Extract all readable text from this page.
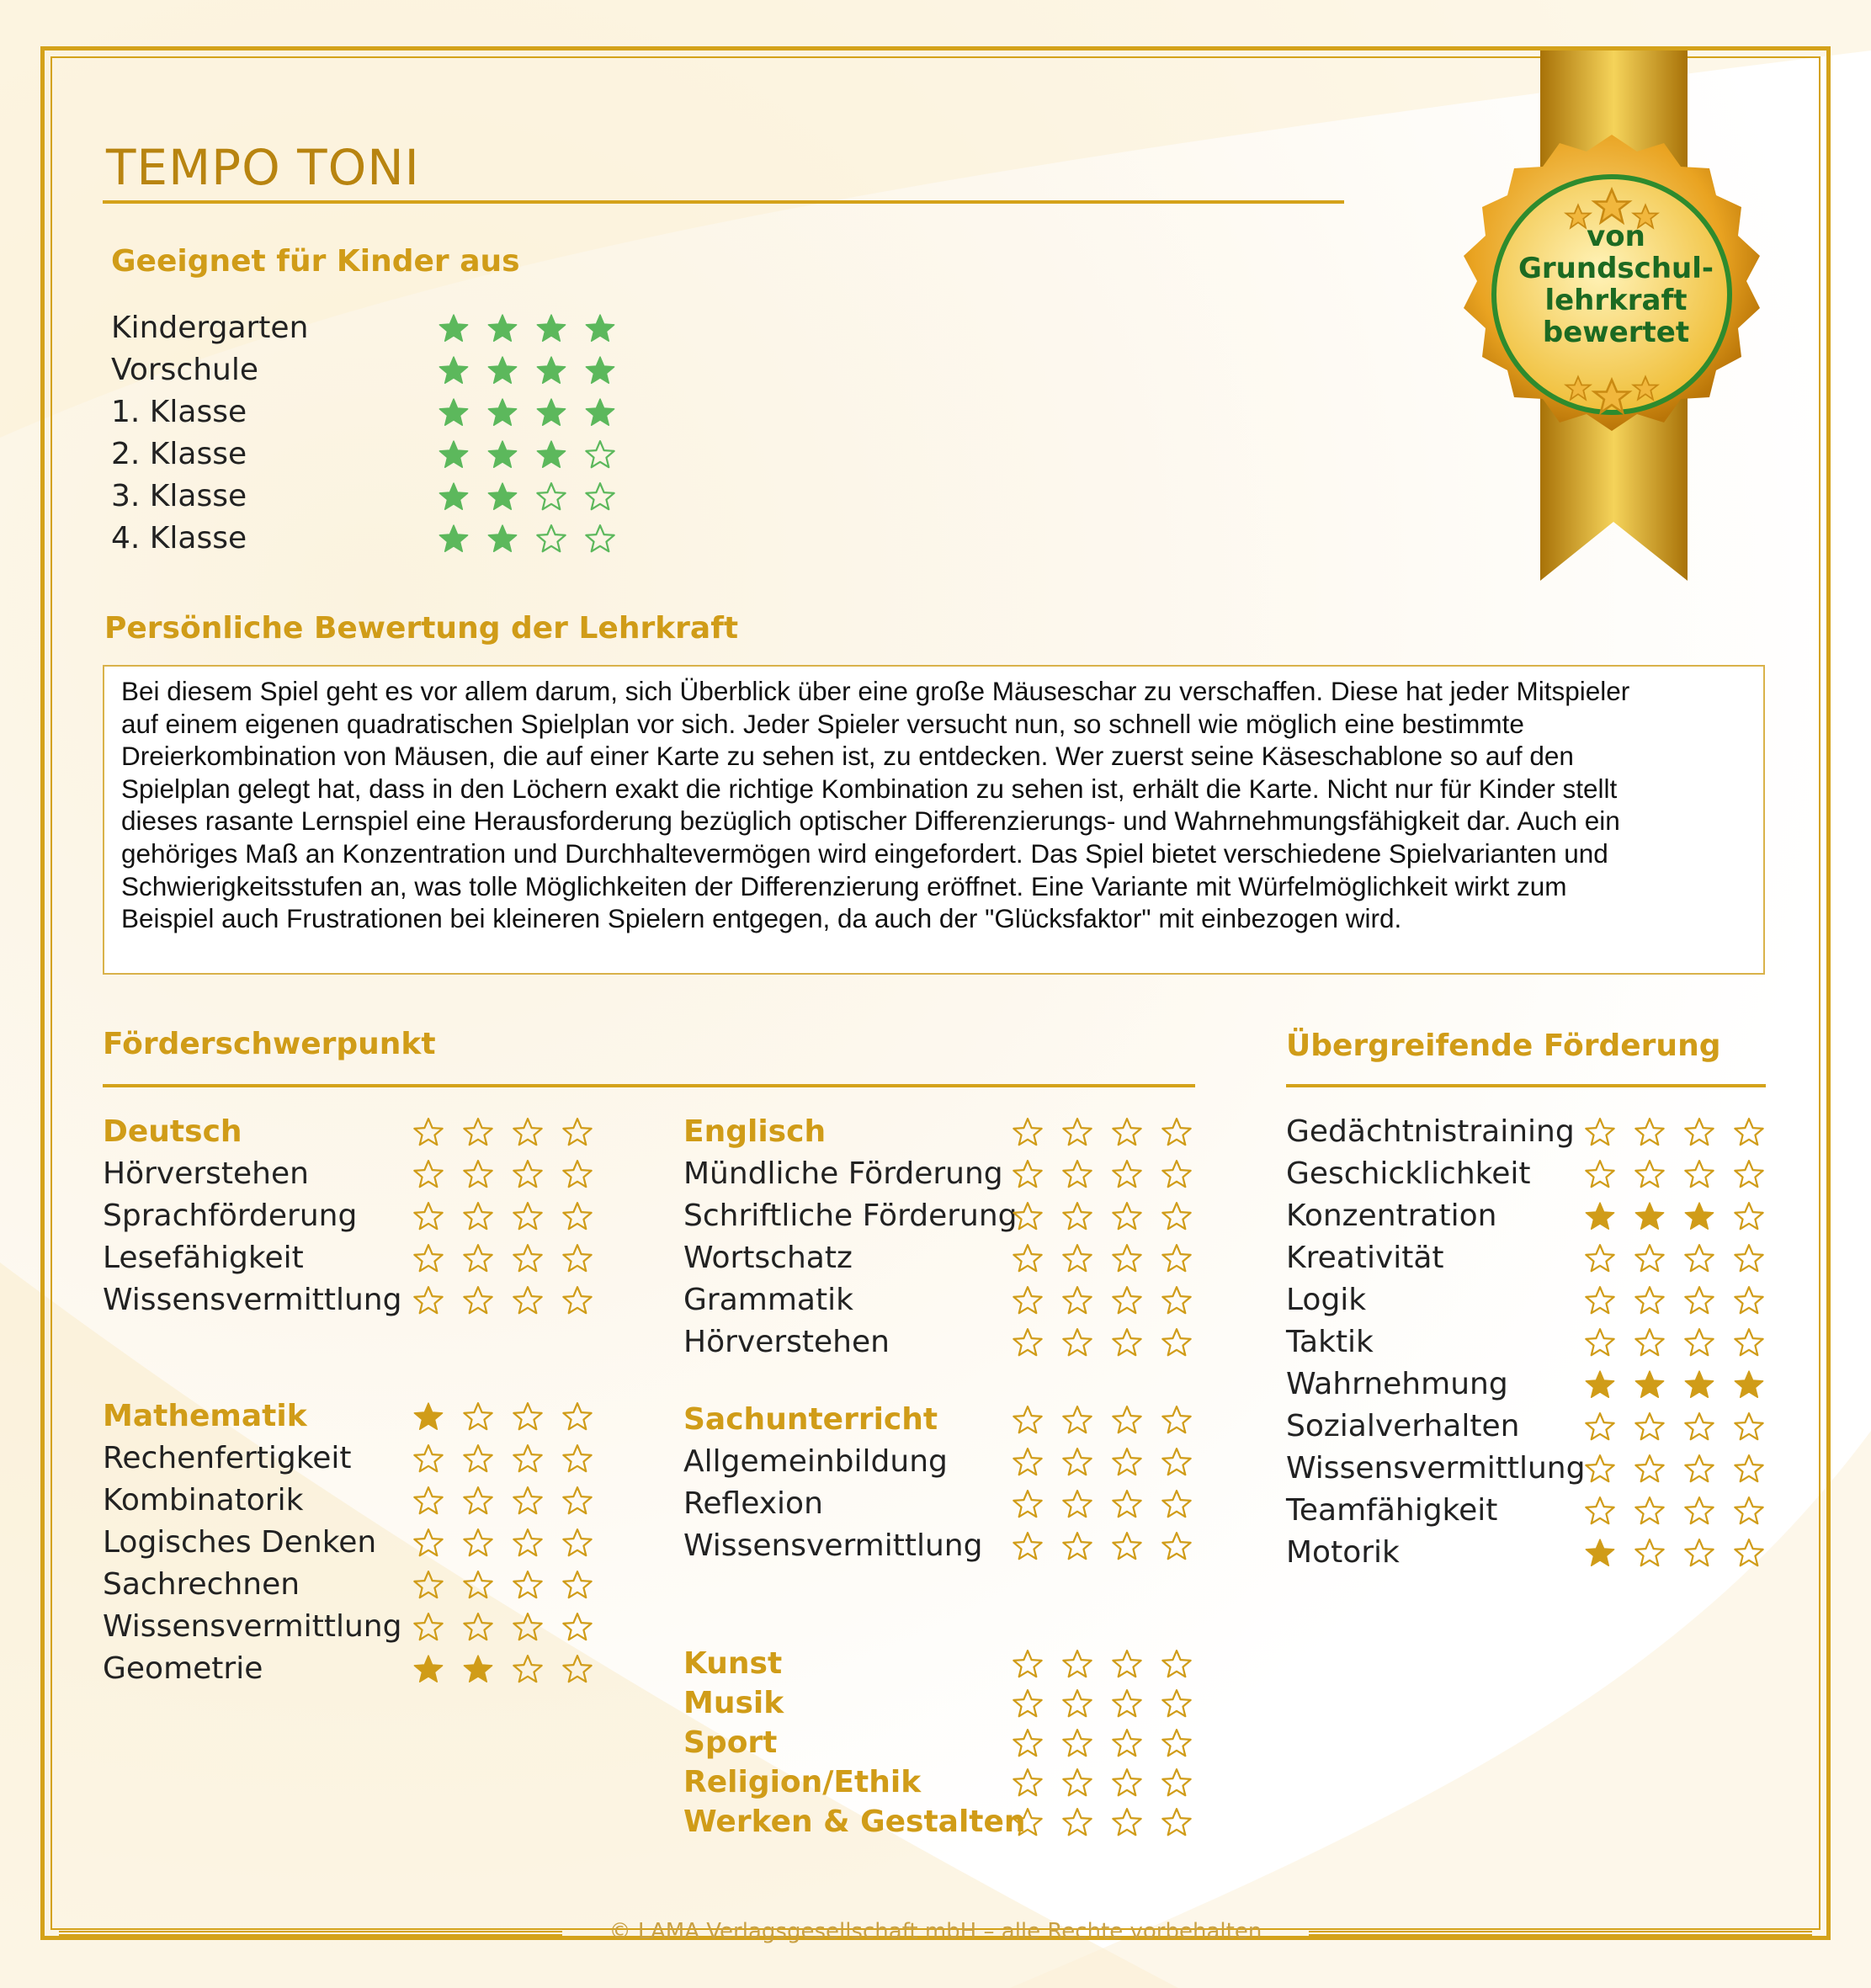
TEMPO TONI
von
Grundschul-
lehrkraft
bewertet
Geeignet für Kinder aus
Kindergarten
Vorschule
1. Klasse
2. Klasse
3. Klasse
4. Klasse
Persönliche Bewertung der Lehrkraft
Bei diesem Spiel geht es vor allem darum, sich Überblick über eine große Mäuseschar zu verschaffen. Diese hat jeder Mitspieler
auf einem eigenen quadratischen Spielplan vor sich. Jeder Spieler versucht nun, so schnell wie möglich eine bestimmte
Dreierkombination von Mäusen, die auf einer Karte zu sehen ist, zu entdecken. Wer zuerst seine Käseschablone so auf den
Spielplan gelegt hat, dass in den Löchern exakt die richtige Kombination zu sehen ist, erhält die Karte. Nicht nur für Kinder stellt
dieses rasante Lernspiel eine Herausforderung bezüglich optischer Differenzierungs- und Wahrnehmungsfähigkeit dar. Auch ein
gehöriges Maß an Konzentration und Durchhaltevermögen wird eingefordert. Das Spiel bietet verschiedene Spielvarianten und
Schwierigkeitsstufen an, was tolle Möglichkeiten der Differenzierung eröffnet. Eine Variante mit Würfelmöglichkeit wirkt zum
Beispiel auch Frustrationen bei kleineren Spielern entgegen, da auch der "Glücksfaktor" mit einbezogen wird.
Förderschwerpunkt	Übergreifende Förderung
Deutsch
Hörverstehen
Sprachförderung
Lesefähigkeit
Wissensvermittlung
Mathematik
Rechenfertigkeit
Kombinatorik
Logisches Denken
Sachrechnen
Wissensvermittlung
Geometrie
Englisch
Mündliche Förderung
Schriftliche Förderung
Wortschatz
Grammatik
Hörverstehen
Sachunterricht
Allgemeinbildung
Reflexion
Wissensvermittlung
Kunst
Musik
Sport
Religion/Ethik
Werken & Gestalten
Gedächtnistraining
Geschicklichkeit
Konzentration
Kreativität
Logik
Taktik
Wahrnehmung
Sozialverhalten
Wissensvermittlung
Teamfähigkeit
Motorik
© LAMA Verlagsgesellschaft mbH – alle Rechte vorbehalten
